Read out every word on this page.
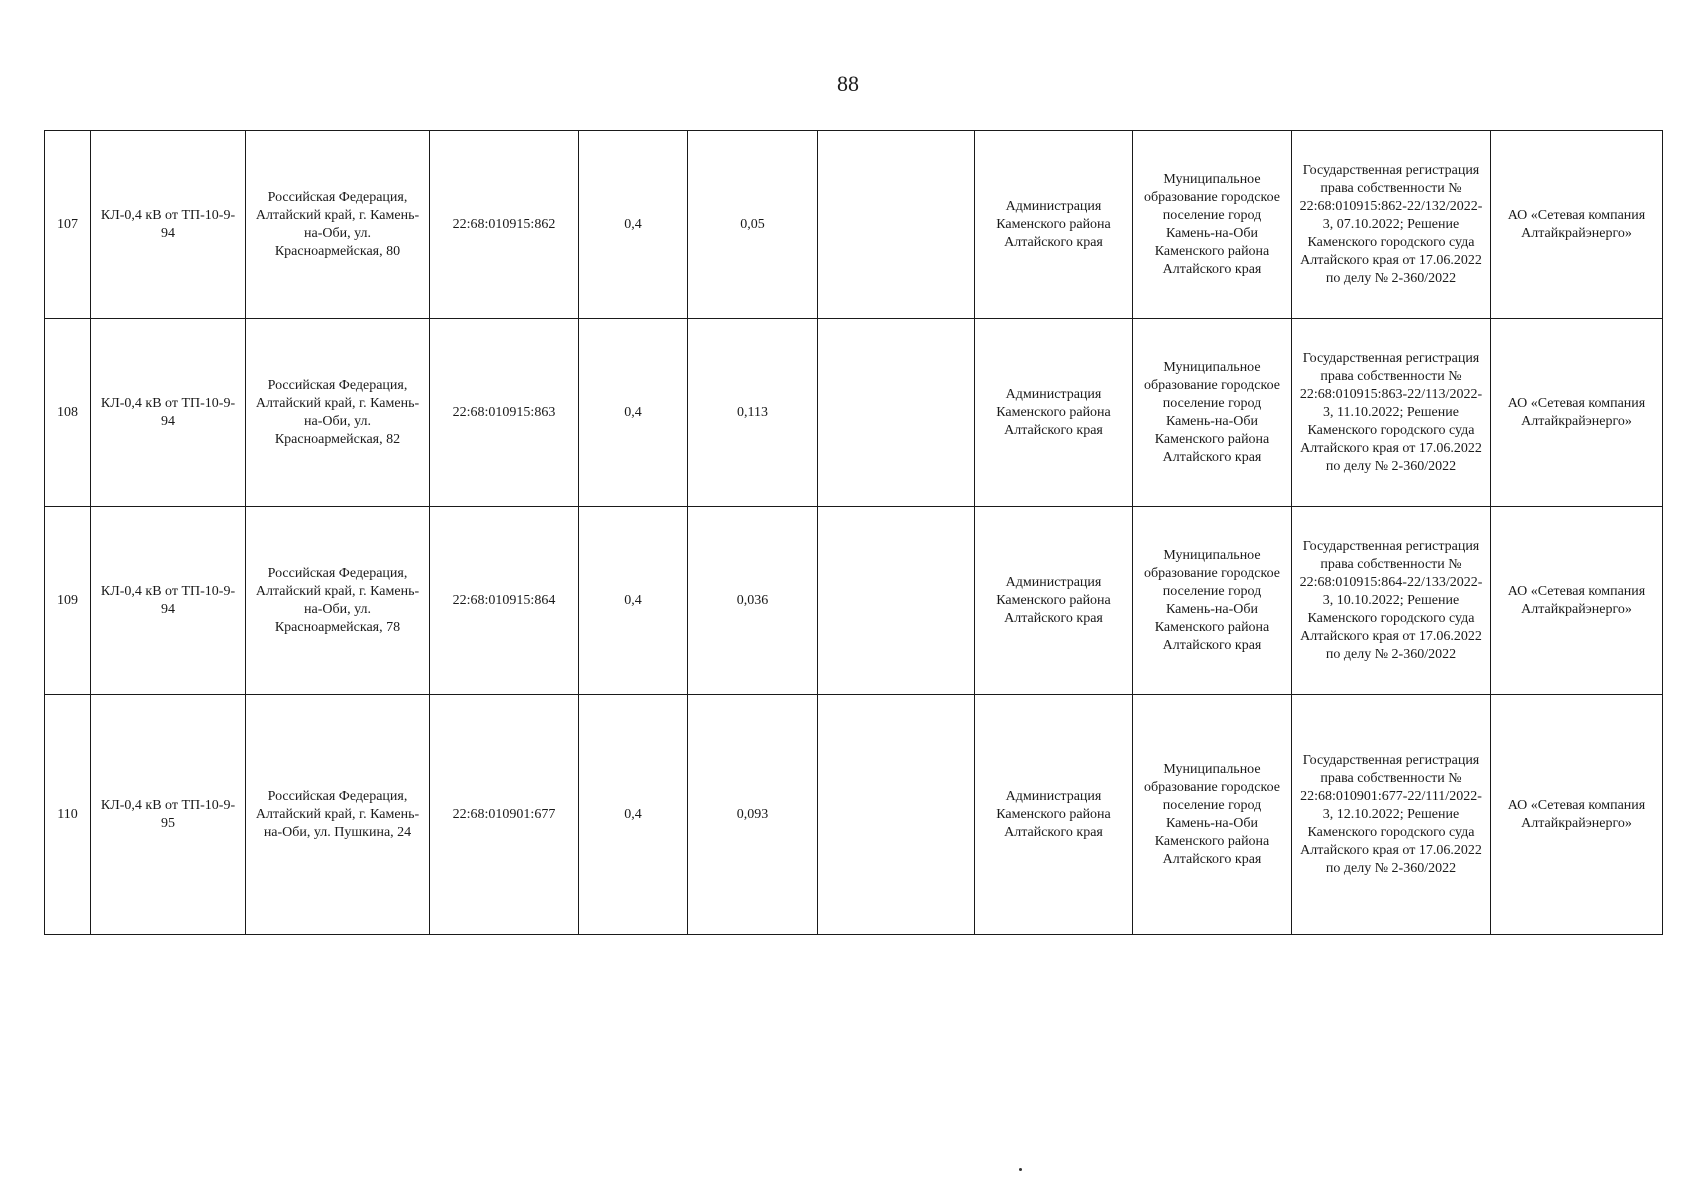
88
107	КЛ-0,4 кВ от ТП-10-9-94	Российская Федерация, Алтайский край, г. Камень-на-Оби, ул. Красноармейская, 80	22:68:010915:862	0,4	0,05		Администрация Каменского района Алтайского края	Муниципальное образование городское поселение город Камень-на-Оби Каменского района Алтайского края	Государственная регистрация права собственности № 22:68:010915:862-22/132/2022-3, 07.10.2022; Решение Каменского городского суда Алтайского края от 17.06.2022 по делу № 2-360/2022	АО «Сетевая компания Алтайкрайэнерго»

108	КЛ-0,4 кВ от ТП-10-9-94	Российская Федерация, Алтайский край, г. Камень-на-Оби, ул. Красноармейская, 82	22:68:010915:863	0,4	0,113		Администрация Каменского района Алтайского края	Муниципальное образование городское поселение город Камень-на-Оби Каменского района Алтайского края	Государственная регистрация права собственности № 22:68:010915:863-22/113/2022-3, 11.10.2022; Решение Каменского городского суда Алтайского края от 17.06.2022 по делу № 2-360/2022	АО «Сетевая компания Алтайкрайэнерго»

109	КЛ-0,4 кВ от ТП-10-9-94	Российская Федерация, Алтайский край, г. Камень-на-Оби, ул. Красноармейская, 78	22:68:010915:864	0,4	0,036		Администрация Каменского района Алтайского края	Муниципальное образование городское поселение город Камень-на-Оби Каменского района Алтайского края	Государственная регистрация права собственности № 22:68:010915:864-22/133/2022-3, 10.10.2022; Решение Каменского городского суда Алтайского края от 17.06.2022 по делу № 2-360/2022	АО «Сетевая компания Алтайкрайэнерго»

110	КЛ-0,4 кВ от ТП-10-9-95	Российская Федерация, Алтайский край, г. Камень-на-Оби, ул. Пушкина, 24	22:68:010901:677	0,4	0,093		Администрация Каменского района Алтайского края	Муниципальное образование городское поселение город Камень-на-Оби Каменского района Алтайского края	Государственная регистрация права собственности № 22:68:010901:677-22/111/2022-3, 12.10.2022; Решение Каменского городского суда Алтайского края от 17.06.2022 по делу № 2-360/2022	АО «Сетевая компания Алтайкрайэнерго»
